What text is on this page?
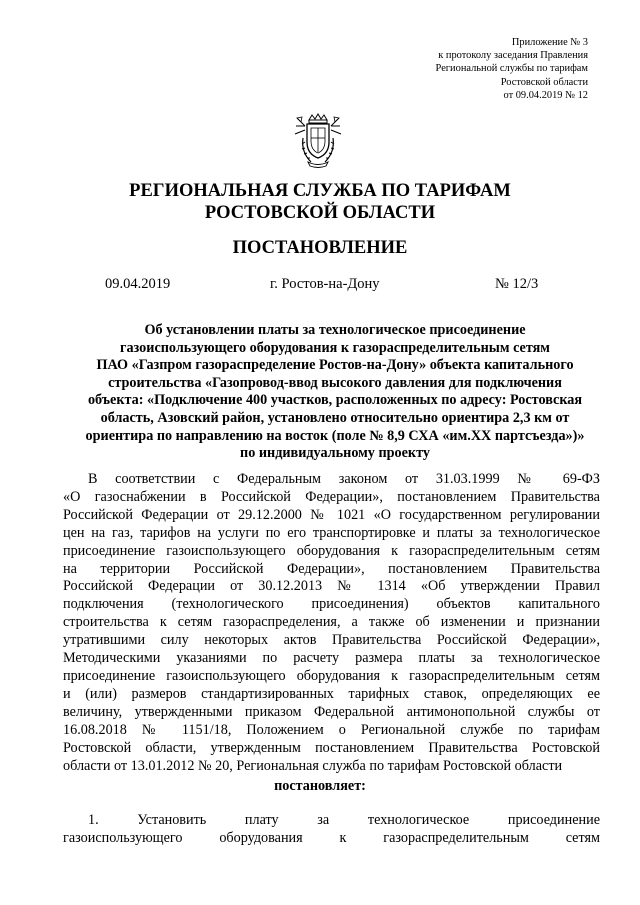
Приложение № 3
к протоколу заседания Правления
Региональной службы по тарифам
Ростовской области
от 09.04.2019 № 12
РЕГИОНАЛЬНАЯ СЛУЖБА ПО ТАРИФАМ
РОСТОВСКОЙ ОБЛАСТИ
ПОСТАНОВЛЕНИЕ
09.04.2019	г. Ростов-на-Дону	№ 12/3
Об установлении платы за технологическое присоединение
газоиспользующего оборудования к газораспределительным сетям
ПАО «Газпром газораспределение Ростов-на-Дону» объекта капитального
строительства «Газопровод-ввод высокого давления для подключения
объекта: «Подключение 400 участков, расположенных по адресу: Ростовская
область, Азовский район, установлено относительно ориентира 2,3 км от
ориентира по направлению на восток (поле № 8,9 СХА «им.XX партсъезда»)»
по индивидуальному проекту
В соответствии с Федеральным законом от 31.03.1999 № 69-ФЗ
«О газоснабжении в Российской Федерации», постановлением Правительства
Российской Федерации от 29.12.2000 № 1021 «О государственном регулировании
цен на газ, тарифов на услуги по его транспортировке и платы за технологическое
присоединение газоиспользующего оборудования к газораспределительным сетям
на территории Российской Федерации», постановлением Правительства
Российской Федерации от 30.12.2013 № 1314 «Об утверждении Правил
подключения (технологического присоединения) объектов капитального
строительства к сетям газораспределения, а также об изменении и признании
утратившими силу некоторых актов Правительства Российской Федерации»,
Методическими указаниями по расчету размера платы за технологическое
присоединение газоиспользующего оборудования к газораспределительным сетям
и (или) размеров стандартизированных тарифных ставок, определяющих ее
величину, утвержденными приказом Федеральной антимонопольной службы от
16.08.2018 № 1151/18, Положением о Региональной службе по тарифам
Ростовской области, утвержденным постановлением Правительства Ростовской
области от 13.01.2012 № 20, Региональная служба по тарифам Ростовской области
постановляет:
1. Установить плату за технологическое присоединение
газоиспользующего оборудования к газораспределительным сетям
